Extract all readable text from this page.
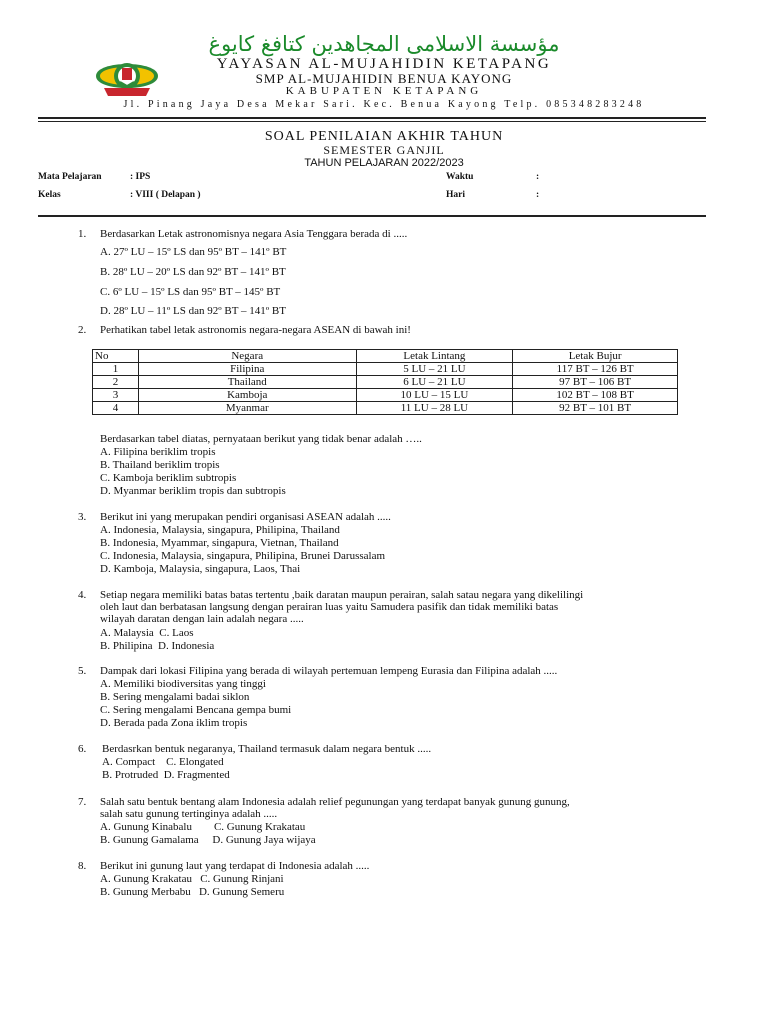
مؤسسة الاسلامى المجاهدين كتافغ كايوغ
YAYASAN AL-MUJAHIDIN KETAPANG
SMP AL-MUJAHIDIN BENUA KAYONG
KABUPATEN KETAPANG
Jl. Pinang Jaya Desa Mekar Sari. Kec. Benua Kayong Telp. 085348283248
SOAL PENILAIAN AKHIR TAHUN
SEMESTER GANJIL
TAHUN PELAJARAN 2022/2023
Mata Pelajaran	: IPS	Waktu	:
Kelas	: VIII ( Delapan )	Hari	:
1. Berdasarkan Letak astronomisnya negara Asia Tenggara berada di .....
A. 27º LU – 15º LS dan 95º BT – 141º BT
B. 28º LU – 20º LS dan 92º BT – 141º BT
C. 6º LU – 15º LS dan 95º BT – 145º BT
D. 28º LU – 11º LS dan 92º BT – 141º BT
2. Perhatikan tabel letak astronomis negara-negara ASEAN di bawah ini!
No	Negara	Letak Lintang	Letak Bujur
1	Filipina	5 LU – 21 LU	117 BT – 126 BT
2	Thailand	6 LU – 21 LU	97 BT – 106 BT
3	Kamboja	10 LU – 15 LU	102 BT – 108 BT
4	Myanmar	11 LU – 28 LU	92 BT – 101 BT
Berdasarkan tabel diatas, pernyataan berikut yang tidak benar adalah …..
A. Filipina beriklim tropis
B. Thailand beriklim tropis
C. Kamboja beriklim subtropis
D. Myanmar beriklim tropis dan subtropis
3. Berikut ini yang merupakan pendiri organisasi ASEAN adalah .....
A. Indonesia, Malaysia, singapura, Philipina, Thailand
B. Indonesia, Myammar, singapura, Vietnan, Thailand
C. Indonesia, Malaysia, singapura, Philipina, Brunei Darussalam
D. Kamboja, Malaysia, singapura, Laos, Thai
4. Setiap negara memiliki batas batas tertentu ,baik daratan maupun perairan, salah satau negara yang dikelilingi
oleh laut dan berbatasan langsung dengan perairan luas yaitu Samudera pasifik dan tidak memiliki batas
wilayah daratan dengan lain adalah negara .....
A. Malaysia  C. Laos
B. Philipina  D. Indonesia
5. Dampak dari lokasi Filipina yang berada di wilayah pertemuan lempeng Eurasia dan Filipina adalah .....
A. Memiliki biodiversitas yang tinggi
B. Sering mengalami badai siklon
C. Sering mengalami Bencana gempa bumi
D. Berada pada Zona iklim tropis
6. Berdasrkan bentuk negaranya, Thailand termasuk dalam negara bentuk .....
A. Compact    C. Elongated
B. Protruded  D. Fragmented
7. Salah satu bentuk bentang alam Indonesia adalah relief pegunungan yang terdapat banyak gunung gunung,
salah satu gunung tertinginya adalah .....
A. Gunung Kinabalu        C. Gunung Krakatau
B. Gunung Gamalama     D. Gunung Jaya wijaya
8. Berikut ini gunung laut yang terdapat di Indonesia adalah .....
A. Gunung Krakatau   C. Gunung Rinjani
B. Gunung Merbabu   D. Gunung Semeru
